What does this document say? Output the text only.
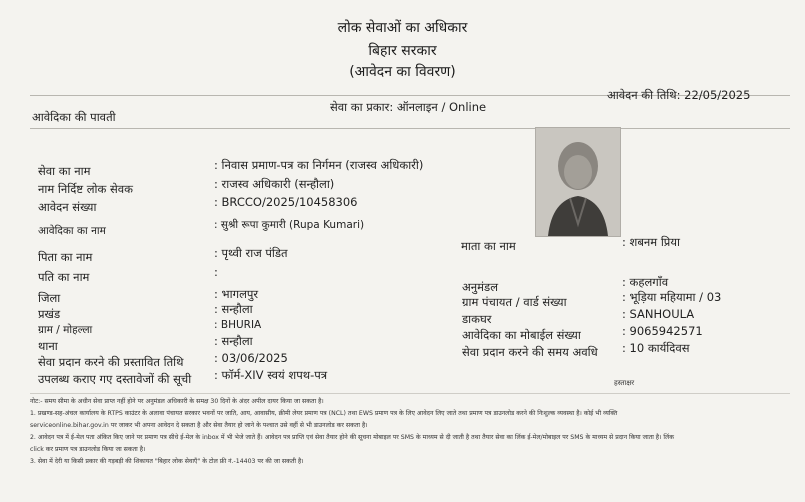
लोक सेवाओं का अधिकार
बिहार सरकार
(आवेदन का विवरण)
आवेदिका की पावती
सेवा का प्रकार: ऑनलाइन / Online
आवेदन की तिथि: 22/05/2025
सेवा का नाम	: निवास प्रमाण-पत्र का निर्गमन (राजस्व अधिकारी)
नाम निर्दिष्ट लोक सेवक	: राजस्व अधिकारी (सन्हौला)
आवेदन संख्या	: BRCCO/2025/10458306
आवेदिका का नाम	: सुश्री रूपा कुमारी (Rupa Kumari)
पिता का नाम	: पृथ्वी राज पंडित
पति का नाम	:
जिला	: भागलपुर
प्रखंड	: सन्हौला
ग्राम / मोहल्ला	: BHURIA
थाना	: सन्हौला
सेवा प्रदान करने की प्रस्तावित तिथि	: 03/06/2025
उपलब्ध कराए गए दस्तावेजों की सूची : फॉर्म-XIV स्वयं शपथ-पत्र
माता का नाम	: शबनम प्रिया
अनुमंडल	: कहलगाँव
ग्राम पंचायत / वार्ड संख्या	: भूड़िया महियामा / 03
डाकघर	: SANHOULA
आवेदिका का मोबाईल संख्या	: 9065942571
सेवा प्रदान करने की समय अवधि : 10 कार्यदिवस
हस्ताक्षर
नोट:- समय सीमा के अधीन सेवा प्राप्त नहीं होने पर अनुमंडल अधिकारी के समक्ष 30 दिनों के अंदर अपील दायर किया जा सकता है।
1. प्रखण्ड-सह-अंचल कार्यालय के RTPS काउंटर के अलावा पंचायत सरकार भवनों पर जाति, आय, आवासीय, क्रीमी लेयर प्रमाण पत्र (NCL) तथा EWS प्रमाण पत्र के लिए आवेदन लिए जाते तथा प्रमाण पत्र डाउनलोड करने की निःशुल्क व्यवस्था है। कोई भी व्यक्ति
serviceonline.bihar.gov.in पर जाकर भी अपना आवेदन दे सकता है और सेवा तैयार हो जाने के पश्चात उसे वहीं से भी डाउनलोड कर सकता है।
2. आवेदन पत्र में ई-मेल पता अंकित किए जाने पर प्रमाण पत्र सीधे ई-मेल के inbox में भी भेजे जाते हैं। आवेदन पत्र प्राप्ति एवं सेवा तैयार होने की सूचना मोबाइल पर SMS के माध्यम से दी जाती है तथा तैयार सेवा का लिंक ई-मेल/मोबाइल पर SMS के माध्यम से प्रदान किया जाता है। लिंक
click कर प्रमाण पत्र डाउनलोड किया जा सकता है।
3. सेवा में देरी या किसी प्रकार की गड़बड़ी की शिकायत "बिहार लोक सेवाएँ" के टोल फ्री नं.-14403 पर की जा सकती है।
